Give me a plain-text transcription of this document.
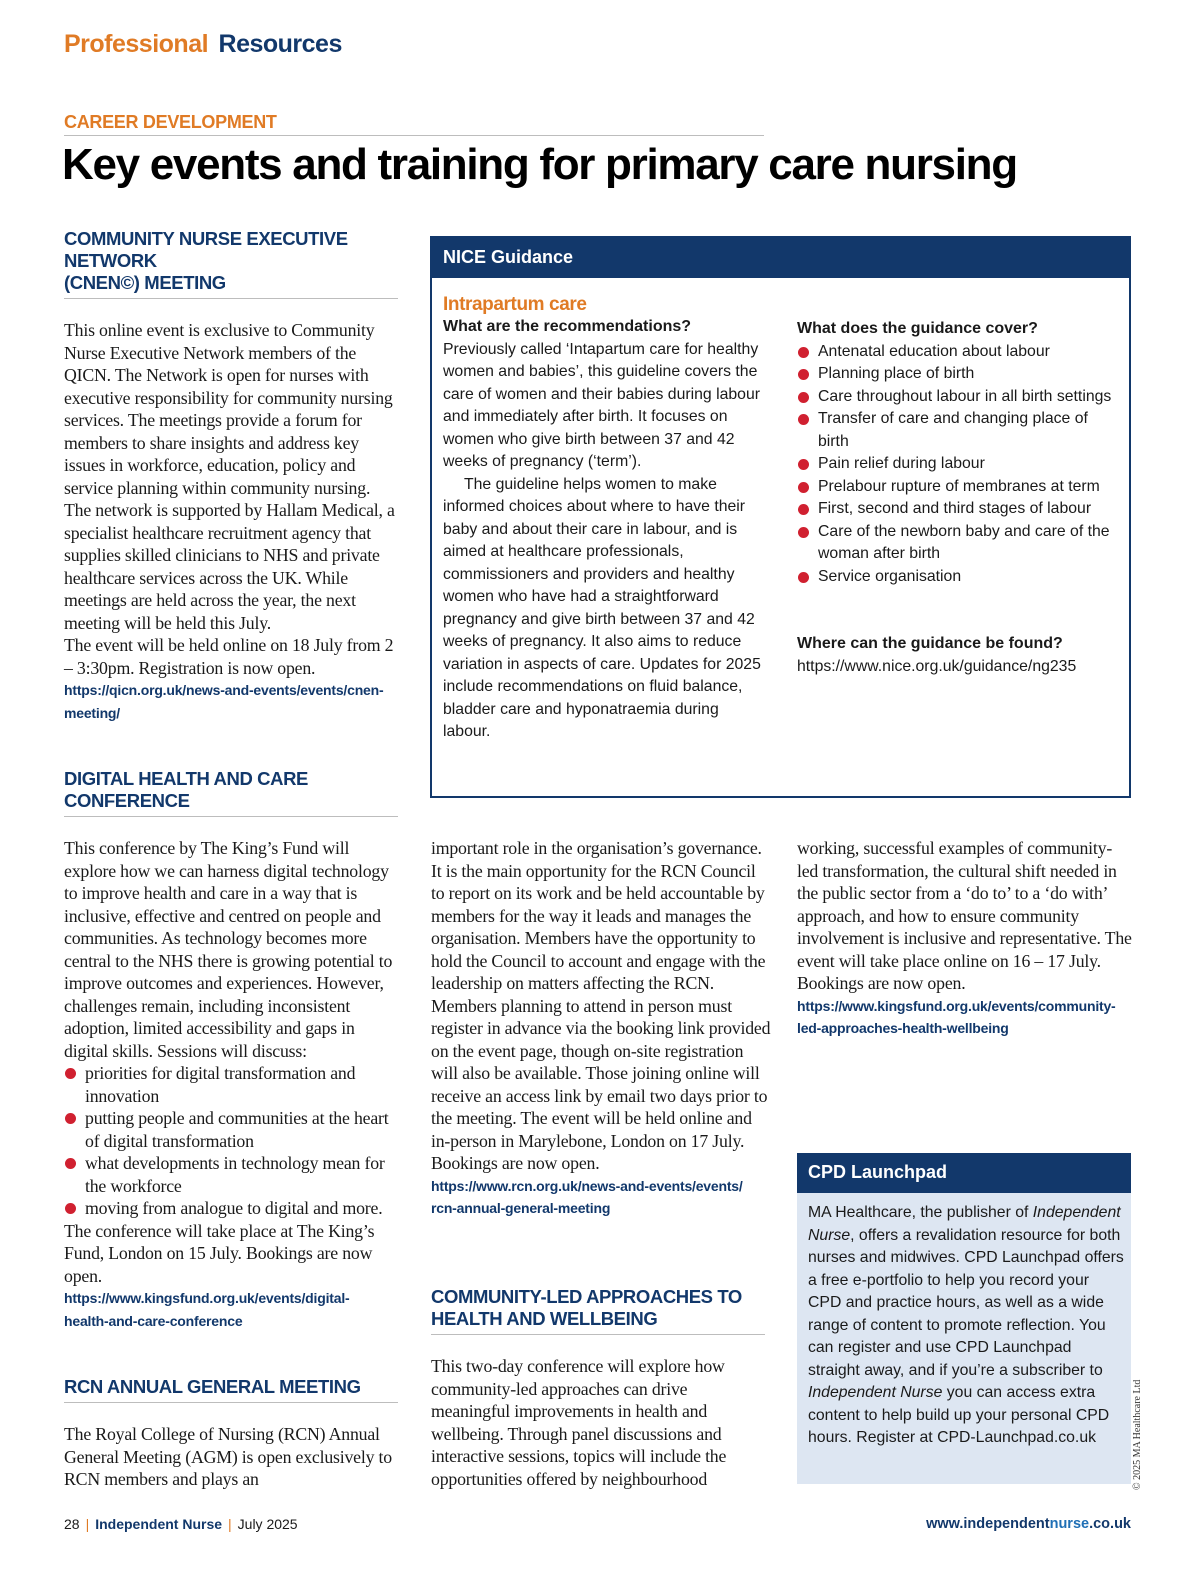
Professional Resources
CAREER DEVELOPMENT
Key events and training for primary care nursing
COMMUNITY NURSE EXECUTIVE NETWORK
(CNEN©) MEETING

This online event is exclusive to Community Nurse Executive Network members of the QICN. The Network is open for nurses with executive responsibility for community nursing services. The meetings provide a forum for members to share insights and address key issues in workforce, education, policy and service planning within community nursing. The network is supported by Hallam Medical, a specialist healthcare recruitment agency that supplies skilled clinicians to NHS and private healthcare services across the UK. While meetings are held across the year, the next meeting will be held this July.

The event will be held online on 18 July from 2 – 3:30pm. Registration is now open.

https://qicn.org.uk/news-and-events/events/cnen-
meeting/
DIGITAL HEALTH AND CARE CONFERENCE

This conference by The King’s Fund will explore how we can harness digital technology to improve health and care in a way that is inclusive, effective and centred on people and communities. As technology becomes more central to the NHS there is growing potential to improve outcomes and experiences. However, challenges remain, including inconsistent adoption, limited accessibility and gaps in digital skills. Sessions will discuss:

priorities for digital transformation and innovation
putting people and communities at the heart of digital transformation
what developments in technology mean for the workforce
moving from analogue to digital and more.

The conference will take place at The King’s Fund, London on 15 July. Bookings are now open.

https://www.kingsfund.org.uk/events/digital-
health-and-care-conference
RCN ANNUAL GENERAL MEETING
The Royal College of Nursing (RCN) Annual General Meeting (AGM) is open exclusively to RCN members and plays an
NICE Guidance
Intrapartum care
What are the recommendations?
Previously called ‘Intapartum care for healthy women and babies’, this guideline covers the care of women and their babies during labour and immediately after birth. It focuses on women who give birth between 37 and 42 weeks of pregnancy (‘term’).
The guideline helps women to make informed choices about where to have their baby and about their care in labour, and is aimed at healthcare professionals, commissioners and providers and healthy women who have had a straightforward pregnancy and give birth between 37 and 42 weeks of pregnancy. It also aims to reduce variation in aspects of care. Updates for 2025 include recommendations on fluid balance, bladder care and hyponatraemia during labour.
What does the guidance cover?
Antenatal education about labour
Planning place of birth
Care throughout labour in all birth settings
Transfer of care and changing place of birth
Pain relief during labour
Prelabour rupture of membranes at term
First, second and third stages of labour
Care of the newborn baby and care of the woman after birth
Service organisation
Where can the guidance be found?
https://www.nice.org.uk/guidance/ng235
important role in the organisation’s governance. It is the main opportunity for the RCN Council to report on its work and be held accountable by members for the way it leads and manages the organisation. Members have the opportunity to hold the Council to account and engage with the leadership on matters affecting the RCN. Members planning to attend in person must register in advance via the booking link provided on the event page, though on-site registration will also be available. Those joining online will receive an access link by email two days prior to the meeting. The event will be held online and in-person in Marylebone, London on 17 July. Bookings are now open.
https://www.rcn.org.uk/news-and-events/events/
rcn-annual-general-meeting
COMMUNITY-LED APPROACHES TO
HEALTH AND WELLBEING
This two-day conference will explore how community-led approaches can drive meaningful improvements in health and wellbeing. Through panel discussions and interactive sessions, topics will include the opportunities offered by neighbourhood
working, successful examples of community-led transformation, the cultural shift needed in the public sector from a ‘do to’ to a ‘do with’ approach, and how to ensure community involvement is inclusive and representative. The event will take place online on 16 – 17 July. Bookings are now open.
https://www.kingsfund.org.uk/events/community-
led-approaches-health-wellbeing
CPD Launchpad
MA Healthcare, the publisher of Independent Nurse, offers a revalidation resource for both nurses and midwives. CPD Launchpad offers a free e-portfolio to help you record your CPD and practice hours, as well as a wide range of content to promote reflection. You can register and use CPD Launchpad straight away, and if you’re a subscriber to Independent Nurse you can access extra content to help build up your personal CPD hours. Register at CPD-Launchpad.co.uk	© 2025 MA Healthcare Ltd
28 | Independent Nurse | July 2025	www.independentnurse.co.uk
